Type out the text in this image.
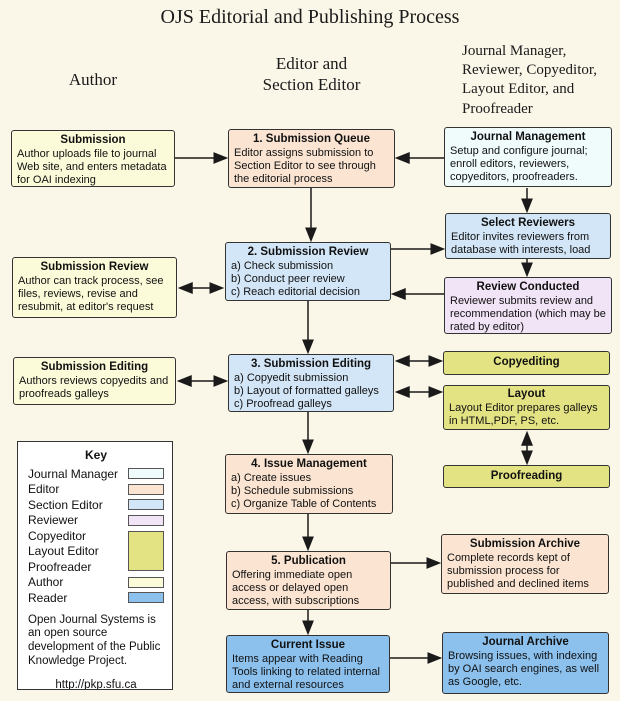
OJS Editorial and Publishing Process
Author
Editor and
Section Editor
Journal Manager, Reviewer, Copyeditor, Layout Editor, and Proofreader
Submission
Author uploads file to journal Web site, and enters metadata for OAI indexing
Submission Review
Author can track process, see files, reviews, revise and resubmit, at editor's request
Submission Editing
Authors reviews copyedits and proofreads galleys
1. Submission Queue
Editor assigns submission to Section Editor to see through the editorial process
2. Submission Review
a) Check submission
b) Conduct peer review
c) Reach editorial decision
3. Submission Editing
a) Copyedit submission
b) Layout of formatted galleys
c) Proofread galleys
4. Issue Management
a) Create issues
b) Schedule submissions
c) Organize Table of Contents
5. Publication
Offering immediate open access or delayed open access, with subscriptions
Current Issue
Items appear with Reading Tools linking to related internal and external resources
Journal Management
Setup and configure journal; enroll editors, reviewers, copyeditors, proofreaders.
Select Reviewers
Editor invites reviewers from database with interests, load
Review Conducted
Reviewer submits review and recommendation (which may be rated by editor)
Copyediting
Layout
Layout Editor prepares galleys in HTML,PDF, PS, etc.
Proofreading
Submission Archive
Complete records kept of submission process for published and declined items
Journal Archive
Browsing issues, with indexing by OAI search engines, as well as Google, etc.
Key
Journal Manager
Editor
Section Editor
Reviewer
Copyeditor
Layout Editor
Proofreader
Author
Reader
Open Journal Systems is an open source development of the Public Knowledge Project.
http://pkp.sfu.ca
